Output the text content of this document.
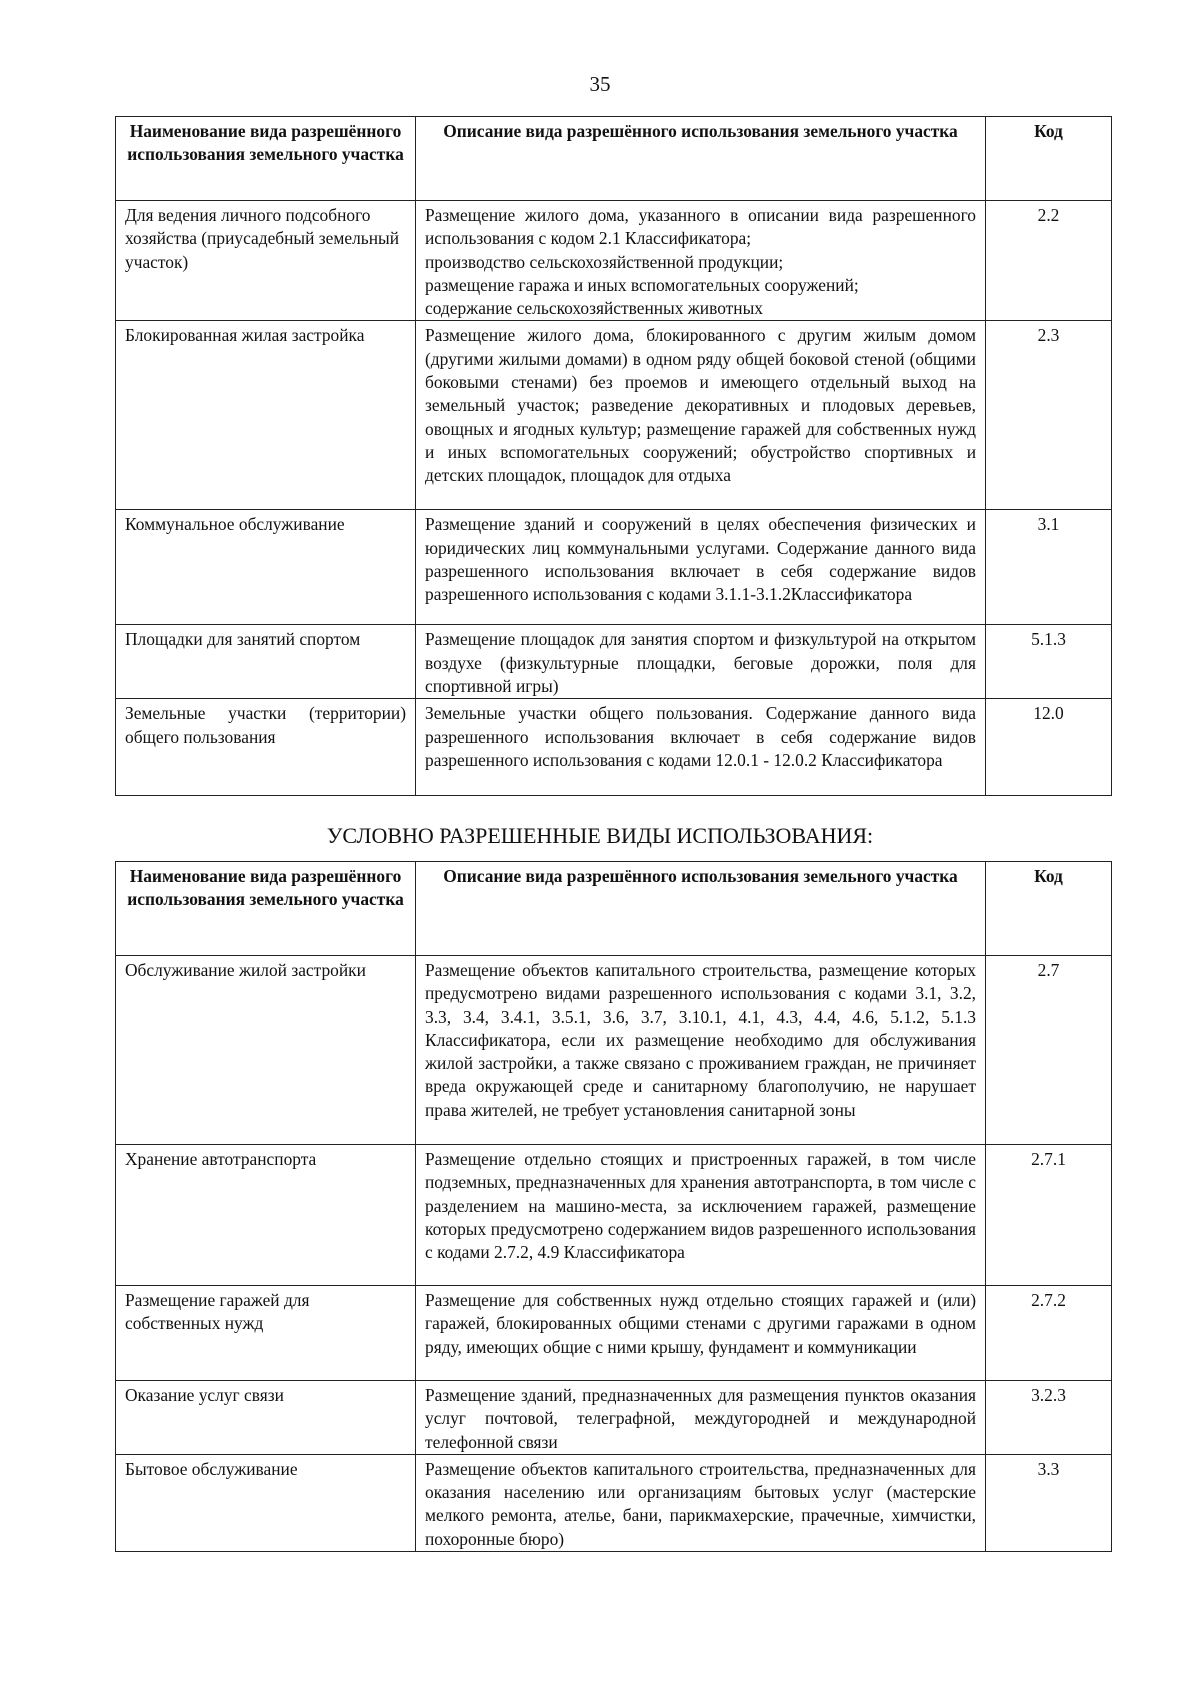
35
Наименование вида разрешённого использования земельного участка	Описание вида разрешённого использования земельного участка	Код
Для ведения личного подсобного хозяйства (приусадебный земельный участок)	Размещение жилого дома, указанного в описании вида разрешенного использования с кодом 2.1 Классификатора;
производство сельскохозяйственной продукции;
размещение гаража и иных вспомогательных сооружений;
содержание сельскохозяйственных животных	2.2
Блокированная жилая застройка	Размещение жилого дома, блокированного с другим жилым домом (другими жилыми домами) в одном ряду общей боковой стеной (общими боковыми стенами) без проемов и имеющего отдельный выход на земельный участок; разведение декоративных и плодовых деревьев, овощных и ягодных культур; размещение гаражей для собственных нужд и иных вспомогательных сооружений; обустройство спортивных и детских площадок, площадок для отдыха	2.3
Коммунальное обслуживание	Размещение зданий и сооружений в целях обеспечения физических и юридических лиц коммунальными услугами. Содержание данного вида разрешенного использования включает в себя содержание видов разрешенного использования с кодами 3.1.1-3.1.2Классификатора	3.1
Площадки для занятий спортом	Размещение площадок для занятия спортом и физкультурой на открытом воздухе (физкультурные площадки, беговые дорожки, поля для спортивной игры)	5.1.3
Земельные участки (территории) общего пользования	Земельные участки общего пользования. Содержание данного вида разрешенного использования включает в себя содержание видов разрешенного использования с кодами 12.0.1 - 12.0.2 Классификатора	12.0
УСЛОВНО РАЗРЕШЕННЫЕ ВИДЫ ИСПОЛЬЗОВАНИЯ:
Наименование вида разрешённого использования земельного участка	Описание вида разрешённого использования земельного участка	Код
Обслуживание жилой застройки	Размещение объектов капитального строительства, размещение которых предусмотрено видами разрешенного использования с кодами 3.1, 3.2, 3.3, 3.4, 3.4.1, 3.5.1, 3.6, 3.7, 3.10.1, 4.1, 4.3, 4.4, 4.6, 5.1.2, 5.1.3 Классификатора, если их размещение необходимо для обслуживания жилой застройки, а также связано с проживанием граждан, не причиняет вреда окружающей среде и санитарному благополучию, не нарушает права жителей, не требует установления санитарной зоны	2.7
Хранение автотранспорта	Размещение отдельно стоящих и пристроенных гаражей, в том числе подземных, предназначенных для хранения автотранспорта, в том числе с разделением на машино-места, за исключением гаражей, размещение которых предусмотрено содержанием видов разрешенного использования с кодами 2.7.2, 4.9 Классификатора	2.7.1
Размещение гаражей для собственных нужд	Размещение для собственных нужд отдельно стоящих гаражей и (или) гаражей, блокированных общими стенами с другими гаражами в одном ряду, имеющих общие с ними крышу, фундамент и коммуникации	2.7.2
Оказание услуг связи	Размещение зданий, предназначенных для размещения пунктов оказания услуг почтовой, телеграфной, междугородней и международной телефонной связи	3.2.3
Бытовое обслуживание	Размещение объектов капитального строительства, предназначенных для оказания населению или организациям бытовых услуг (мастерские мелкого ремонта, ателье, бани, парикмахерские, прачечные, химчистки, похоронные бюро)	3.3
